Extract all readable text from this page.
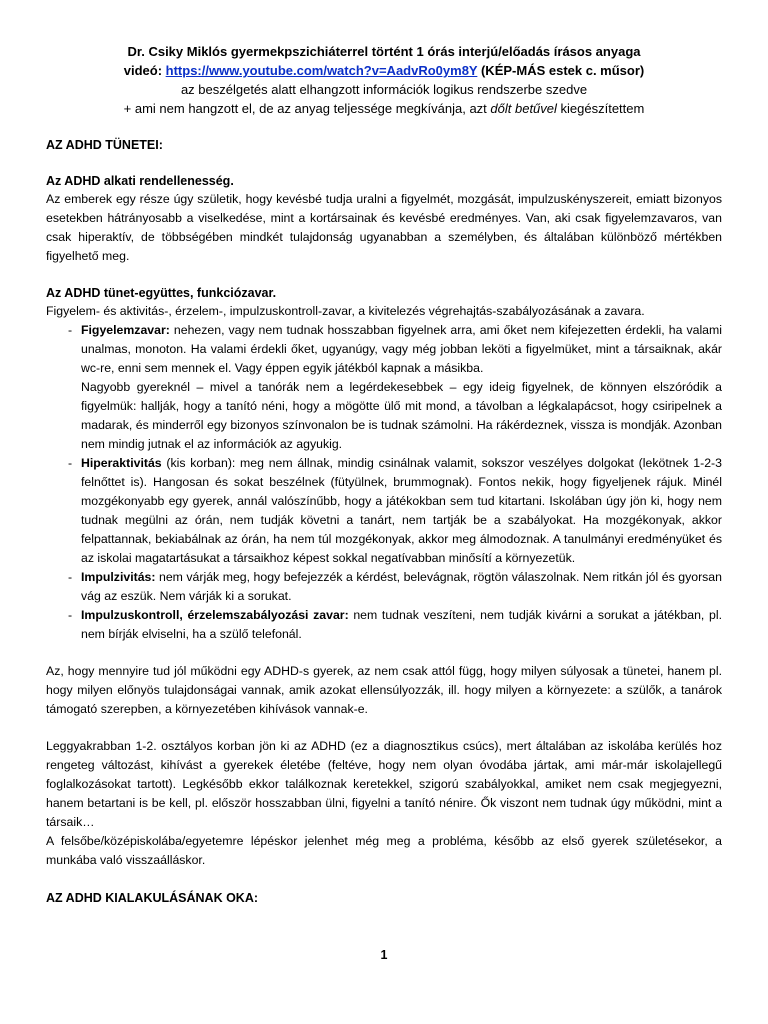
Dr. Csiky Miklós gyermekpszichiáterrel történt 1 órás interjú/előadás írásos anyaga
videó: https://www.youtube.com/watch?v=AadvRo0ym8Y (KÉP-MÁS estek c. műsor)
az beszélgetés alatt elhangzott információk logikus rendszerbe szedve
+ ami nem hangzott el, de az anyag teljessége megkívánja, azt dőlt betűvel kiegészítettem
AZ ADHD TÜNETEI:
Az ADHD alkati rendellenesség.
Az emberek egy része úgy születik, hogy kevésbé tudja uralni a figyelmét, mozgását, impulzuskényszereit, emiatt bizonyos esetekben hátrányosabb a viselkedése, mint a kortársainak és kevésbé eredményes. Van, aki csak figyelemzavaros, van csak hiperaktív, de többségében mindkét tulajdonság ugyanabban a személyben, és általában különböző mértékben figyelhető meg.
Az ADHD tünet-együttes, funkciózavar.
Figyelem- és aktivitás-, érzelem-, impulzuskontroll-zavar, a kivitelezés végrehajtás-szabályozásának a zavara.
- Figyelemzavar: nehezen, vagy nem tudnak hosszabban figyelnek arra, ami őket nem kifejezetten érdekli, ha valami unalmas, monoton. Ha valami érdekli őket, ugyanúgy, vagy még jobban leköti a figyelmüket, mint a társaiknak, akár wc-re, enni sem mennek el. Vagy éppen egyik játékból kapnak a másikba.
Nagyobb gyereknél – mivel a tanórák nem a legérdekesebbek – egy ideig figyelnek, de könnyen elszóródik a figyelmük: hallják, hogy a tanító néni, hogy a mögötte ülő mit mond, a távolban a légkalapácsot, hogy csiripelnek a madarak, és minderről egy bizonyos színvonalon be is tudnak számolni. Ha rákérdeznek, vissza is mondják. Azonban nem mindig jutnak el az információk az agyukig.
- Hiperaktivitás (kis korban): meg nem állnak, mindig csinálnak valamit, sokszor veszélyes dolgokat (lekötnek 1-2-3 felnőttet is). Hangosan és sokat beszélnek (fütyülnek, brummognak). Fontos nekik, hogy figyeljenek rájuk. Minél mozgékonyabb egy gyerek, annál valószínűbb, hogy a játékokban sem tud kitartani. Iskolában úgy jön ki, hogy nem tudnak megülni az órán, nem tudják követni a tanárt, nem tartják be a szabályokat. Ha mozgékonyak, akkor felpattannak, bekiabálnak az órán, ha nem túl mozgékonyak, akkor meg álmodoznak. A tanulmányi eredményüket és az iskolai magatartásukat a társaikhoz képest sokkal negatívabban minősítí a környezetük.
- Impulzivitás: nem várják meg, hogy befejezzék a kérdést, belevágnak, rögtön válaszolnak. Nem ritkán jól és gyorsan vág az eszük. Nem várják ki a sorukat.
- Impulzuskontroll, érzelemszabályozási zavar: nem tudnak veszíteni, nem tudják kivárni a sorukat a játékban, pl. nem bírják elviselni, ha a szülő telefonál.
Az, hogy mennyire tud jól működni egy ADHD-s gyerek, az nem csak attól függ, hogy milyen súlyosak a tünetei, hanem pl. hogy milyen előnyös tulajdonságai vannak, amik azokat ellensúlyozzák, ill. hogy milyen a környezete: a szülők, a tanárok támogató szerepben, a környezetében kihívások vannak-e.
Leggyakrabban 1-2. osztályos korban jön ki az ADHD (ez a diagnosztikus csúcs), mert általában az iskolába kerülés hoz rengeteg változást, kihívást a gyerekek életébe (feltéve, hogy nem olyan óvodába jártak, ami már-már iskolajellegű foglalkozásokat tartott). Legkésőbb ekkor találkoznak keretekkel, szigorú szabályokkal, amiket nem csak megjegyezni, hanem betartani is be kell, pl. először hosszabban ülni, figyelni a tanító nénire. Ők viszont nem tudnak úgy működni, mint a társaik…
A felsőbe/középiskolába/egyetemre lépéskor jelenhet még meg a probléma, később az első gyerek születésekor, a munkába való visszaálláskor.
AZ ADHD KIALAKULÁSÁNAK OKA:
1
